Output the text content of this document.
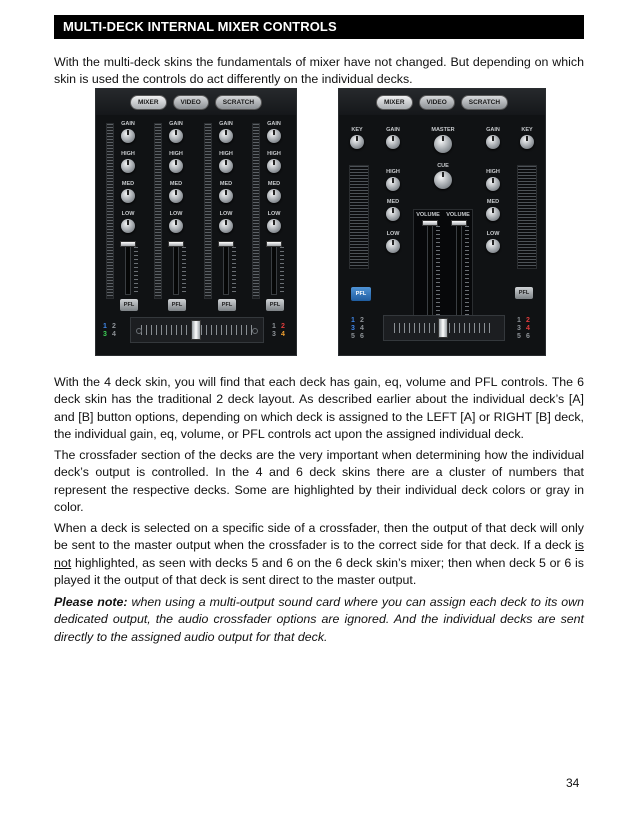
MULTI-DECK INTERNAL MIXER CONTROLS
With the multi-deck skins the fundamentals of mixer have not changed. But depending on which skin is used the controls do act differently on the individual decks.
MIXER	VIDEO	SCRATCH
GAIN
HIGH
MED
LOW
PFL
GAIN
HIGH
MED
LOW
PFL
GAIN
HIGH
MED
LOW
PFL
GAIN
HIGH
MED
LOW
PFL
1 2
3 4
1 2
3 4
MIXER	VIDEO	SCRATCH
KEY	GAIN
HIGH
MED
LOW
MASTER
CUE
VOLUME VOLUME
GAIN	KEY
HIGH
MED
LOW
PFL	PFL
1 2
3 4
5 6
1 2
3 4
5 6
With the 4 deck skin, you will find that each deck has gain, eq, volume and PFL controls. The 6 deck skin has the traditional 2 deck layout. As described earlier about the individual deck’s [A] and [B] button options, depending on which deck is assigned to the LEFT [A] or RIGHT [B] deck, the individual gain, eq, volume, or PFL controls act upon the assigned individual deck.
The crossfader section of the decks are the very important when determining how the individual deck’s output is controlled. In the 4 and 6 deck skins there are a cluster of numbers that represent the respective decks. Some are highlighted by their individual deck colors or gray in color.
When a deck is selected on a specific side of a crossfader, then the output of that deck will only be sent to the master output when the crossfader is to the correct side for that deck. If a deck is not highlighted, as seen with decks 5 and 6 on the 6 deck skin’s mixer; then when deck 5 or 6 is played it the output of that deck is sent direct to the master output.
Please note: when using a multi-output sound card where you can assign each deck to its own dedicated output, the audio crossfader options are ignored. And the individual decks are sent directly to the assigned audio output for that deck.
34
